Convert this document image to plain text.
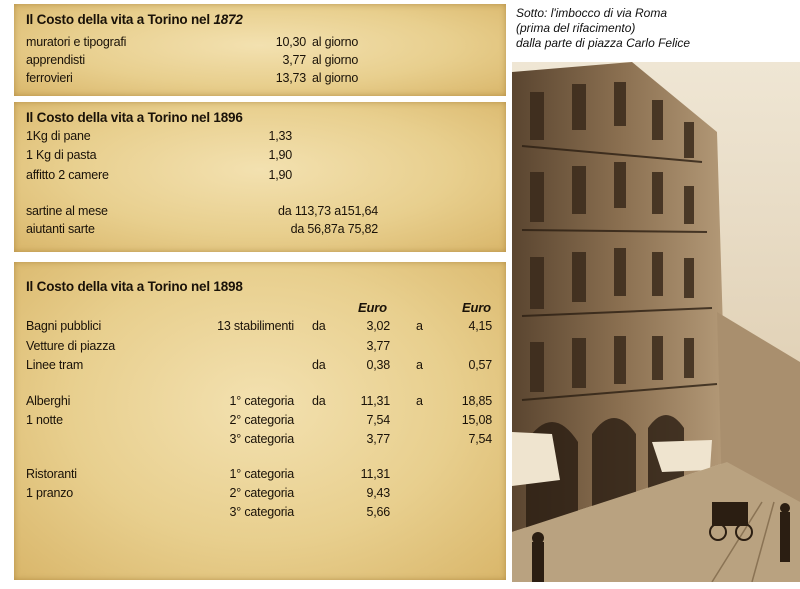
Il Costo della vita a Torino nel 1872
muratori e tipografi	10,30 al giorno
apprendisti	3,77 al giorno
ferrovieri	13,73 al giorno
Il Costo della vita a Torino nel 1896
1Kg di pane	1,33
1 Kg di pasta	1,90
affitto 2 camere	1,90
sartine al mese	da 113,73 a151,64
aiutanti sarte	da 56,87a 75,82
Il Costo della vita a Torino nel 1898
Euro	Euro
Bagni pubblici	13 stabilimenti da	3,02 a	4,15
Vetture di piazza	3,77
Linee tram	da	0,38 a	0,57
Alberghi	1° categoria da	11,31 a	18,85
1 notte	2° categoria	7,54	15,08
3° categoria	3,77	7,54
Ristoranti	1° categoria	11,31
1 pranzo	2° categoria	9,43
3° categoria	5,66
Sotto: l'imbocco di via Roma
(prima del rifacimento)
dalla parte di piazza Carlo Felice
